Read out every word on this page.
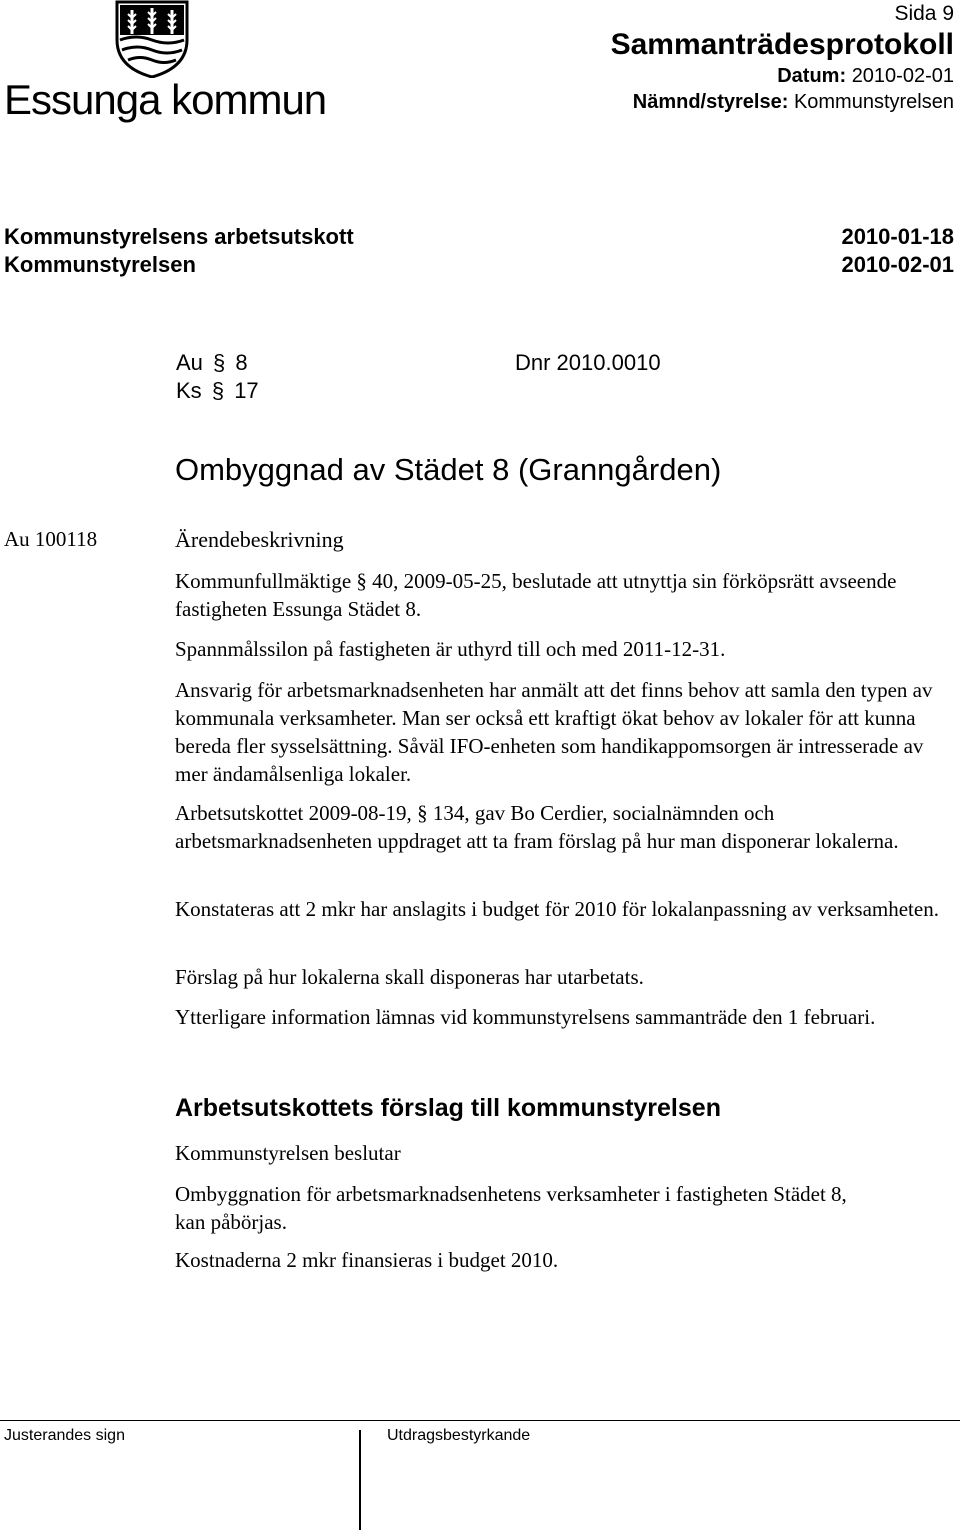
Essunga kommun
Sida 9
Sammanträdesprotokoll
Datum: 2010-02-01
Nämnd/styrelse: Kommunstyrelsen
Kommunstyrelsens arbetsutskott	2010-01-18
Kommunstyrelsen	2010-02-01
Au § 8	Dnr 2010.0010
Ks § 17
Ombyggnad av Städet 8 (Granngården)
Au 100118	Ärendebeskrivning
Kommunfullmäktige § 40, 2009-05-25, beslutade att utnyttja sin förköpsrätt avseende fastigheten Essunga Städet 8.
Spannmålssilon på fastigheten är uthyrd till och med 2011-12-31.
Ansvarig för arbetsmarknadsenheten har anmält att det finns behov att samla den typen av kommunala verksamheter. Man ser också ett kraftigt ökat behov av lokaler för att kunna bereda fler sysselsättning. Såväl IFO-enheten som handikappomsorgen är intresserade av mer ändamålsenliga lokaler.
Arbetsutskottet 2009-08-19, § 134, gav Bo Cerdier, socialnämnden och arbetsmarknadsenheten uppdraget att ta fram förslag på hur man disponerar lokalerna.
Konstateras att 2 mkr har anslagits i budget för 2010 för lokalanpassning av verksamheten.
Förslag på hur lokalerna skall disponeras har utarbetats.
Ytterligare information lämnas vid kommunstyrelsens sammanträde den 1 februari.
Arbetsutskottets förslag till kommunstyrelsen
Kommunstyrelsen beslutar
Ombyggnation för arbetsmarknadsenhetens verksamheter i fastigheten Städet 8, kan påbörjas.
Kostnaderna 2 mkr finansieras i budget 2010.
Justerandes sign	Utdragsbestyrkande
